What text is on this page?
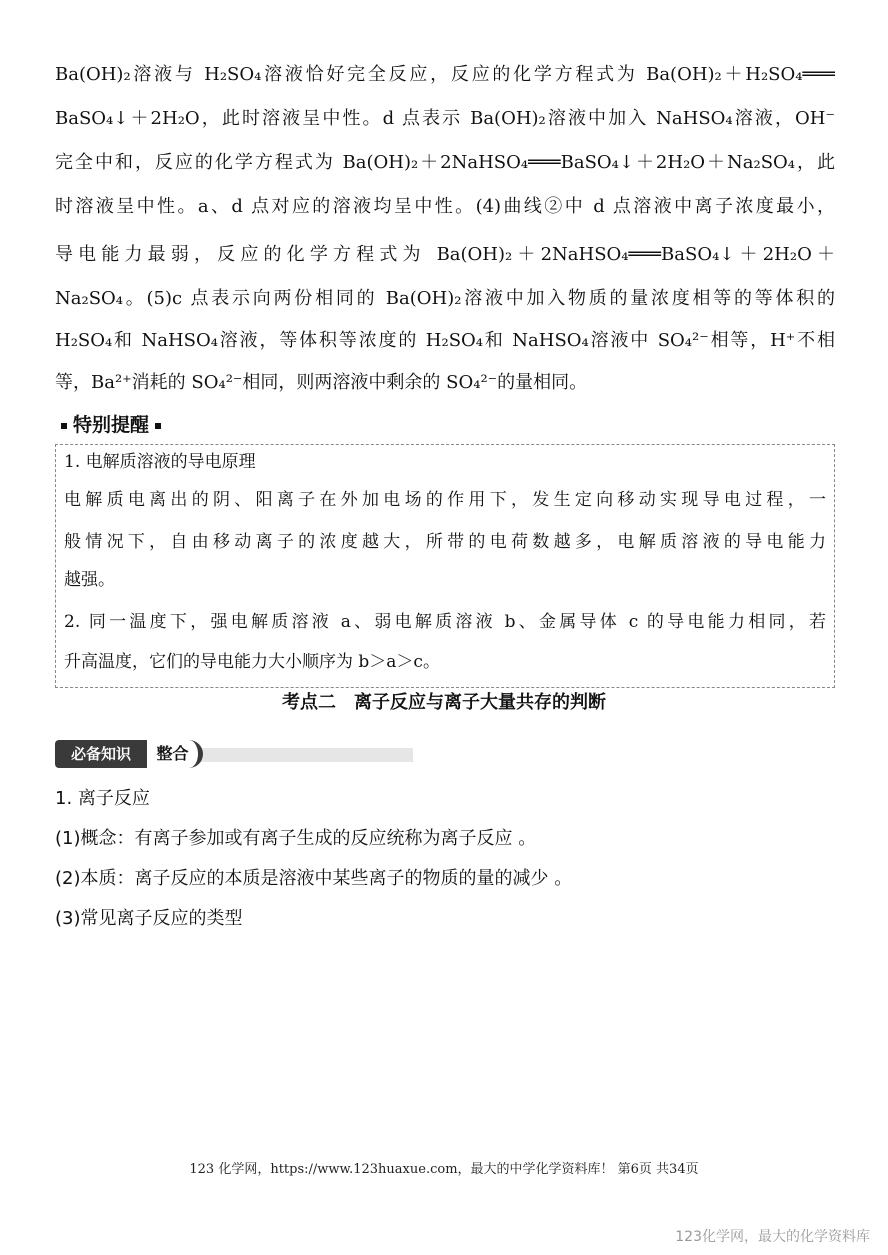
Ba(OH)₂溶液与 H₂SO₄溶液恰好完全反应，反应的化学方程式为 Ba(OH)₂＋H₂SO₄═══
BaSO₄↓＋2H₂O，此时溶液呈中性。d 点表示 Ba(OH)₂溶液中加入 NaHSO₄溶液，OH⁻
完全中和，反应的化学方程式为 Ba(OH)₂＋2NaHSO₄═══BaSO₄↓＋2H₂O＋Na₂SO₄，此
时溶液呈中性。a、d 点对应的溶液均呈中性。(4)曲线②中 d 点溶液中离子浓度最小，
导电能力最弱，反应的化学方程式为 Ba(OH)₂＋2NaHSO₄═══BaSO₄↓＋2H₂O＋
Na₂SO₄。(5)c 点表示向两份相同的 Ba(OH)₂溶液中加入物质的量浓度相等的等体积的
H₂SO₄和 NaHSO₄溶液，等体积等浓度的 H₂SO₄和 NaHSO₄溶液中 SO₄²⁻相等，H⁺不相
等，Ba²⁺消耗的 SO₄²⁻相同，则两溶液中剩余的 SO₄²⁻的量相同。
特别提醒
1. 电解质溶液的导电原理
电解质电离出的阴、阳离子在外加电场的作用下，发生定向移动实现导电过程，一
般情况下，自由移动离子的浓度越大，所带的电荷数越多，电解质溶液的导电能力
越强。
2. 同一温度下，强电解质溶液 a、弱电解质溶液 b、金属导体 c 的导电能力相同，若
升高温度，它们的导电能力大小顺序为 b＞a＞c。
考点二　离子反应与离子大量共存的判断
必备知识	整合
1. 离子反应
(1)概念：有离子参加或有离子生成的反应统称为离子反应 。
(2)本质：离子反应的本质是溶液中某些离子的物质的量的减少 。
(3)常见离子反应的类型
123 化学网，https://www.123huaxue.com，最大的中学化学资料库！ 第6页 共34页
123化学网，最大的化学资料库
